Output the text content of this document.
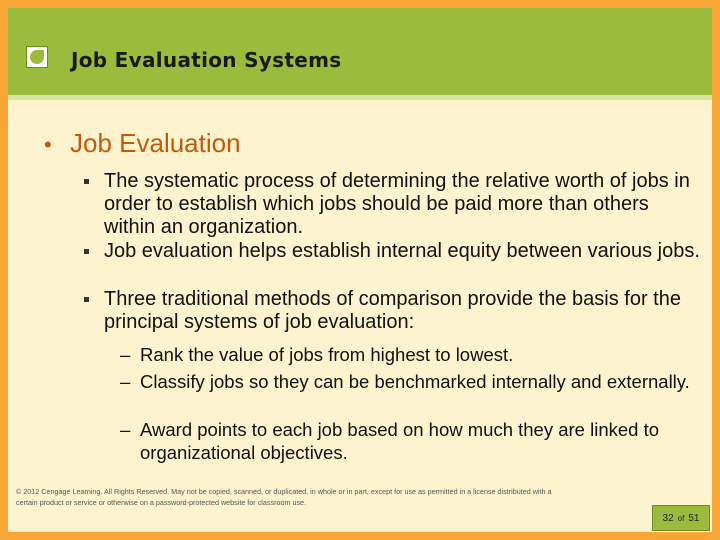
Job Evaluation Systems

• Job Evaluation

The systematic process of determining the relative worth of jobs in order to establish which jobs should be paid more than others within an organization.
Job evaluation helps establish internal equity between various jobs.
Three traditional methods of comparison provide the basis for the principal systems of job evaluation:
– Rank the value of jobs from highest to lowest.
– Classify jobs so they can be benchmarked internally and externally.
– Award points to each job based on how much they are linked to organizational objectives.
© 2012 Cengage Learning. All Rights Reserved. May not be copied, scanned, or duplicated, in whole or in part, except for use as permitted in a license distributed with a certain product or service or otherwise on a password-protected website for classroom use.
32 of 51
